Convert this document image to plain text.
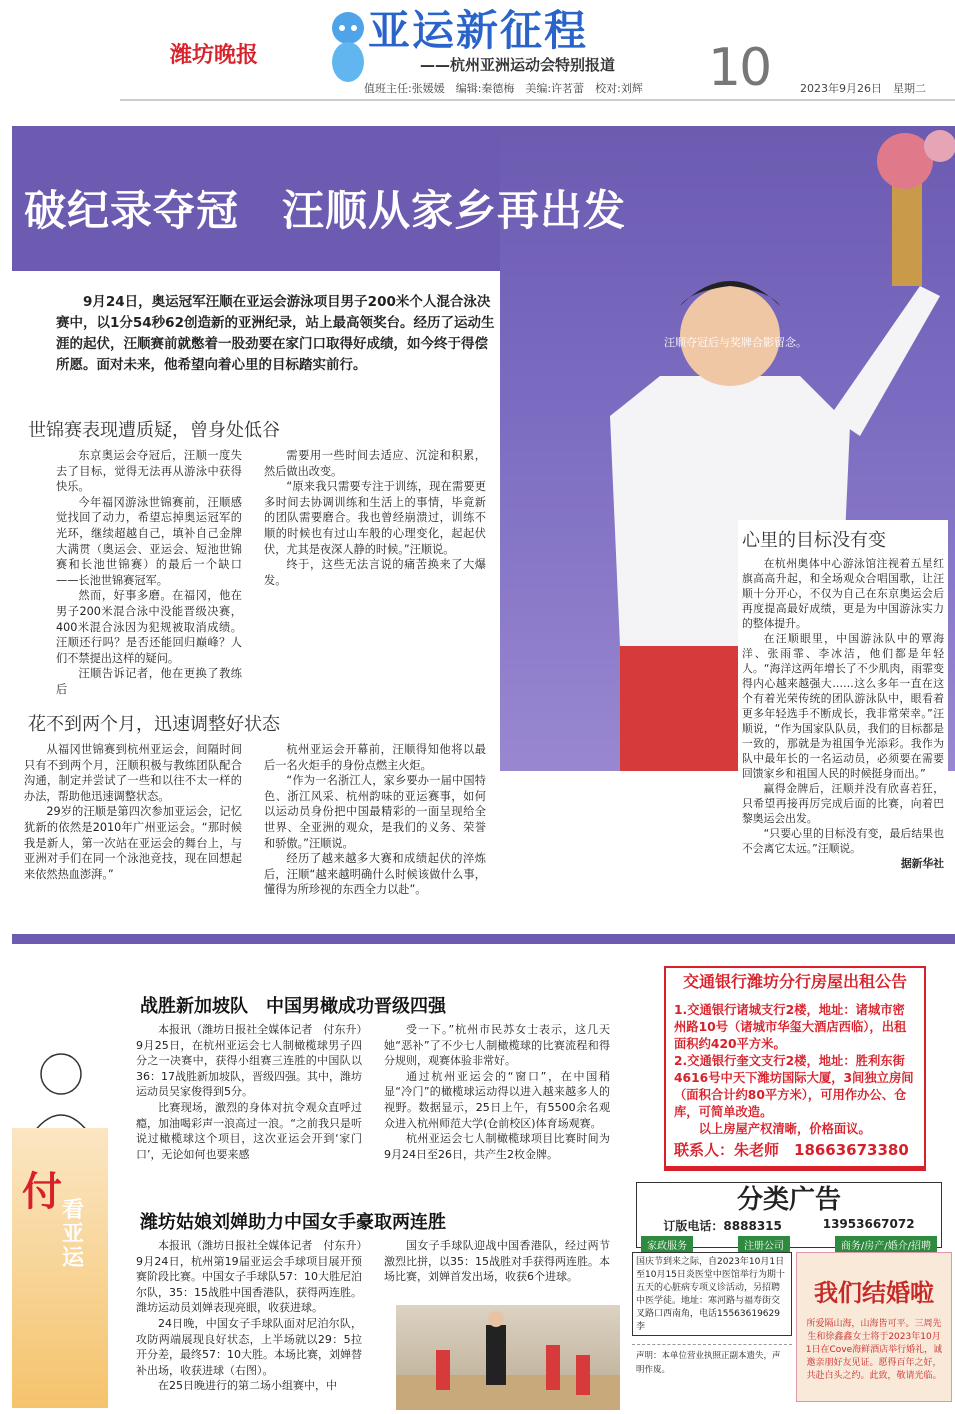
潍坊晚报	亚运新征程
——杭州亚洲运动会特别报道 10
值班主任:张媛媛　编辑:秦德梅　美编:许茗蕾　校对:刘辉	2023年9月26日　星期二
破纪录夺冠　汪顺从家乡再出发
9月24日，奥运冠军汪顺在亚运会游泳项目男子200米个人混合泳决赛中，以1分54秒62创造新的亚洲纪录，站上最高领奖台。经历了运动生涯的起伏，汪顺赛前就憋着一股劲要在家门口取得好成绩，如今终于得偿所愿。面对未来，他希望向着心里的目标踏实前行。
汪顺夺冠后与奖牌合影留念。
世锦赛表现遭质疑，曾身处低谷

东京奥运会夺冠后，汪顺一度失去了目标，觉得无法再从游泳中获得快乐。

今年福冈游泳世锦赛前，汪顺感觉找回了动力，希望忘掉奥运冠军的光环，继续超越自己，填补自己金牌大满贯（奥运会、亚运会、短池世锦赛和长池世锦赛）的最后一个缺口——长池世锦赛冠军。

然而，好事多磨。在福冈，他在男子200米混合泳中没能晋级决赛，400米混合泳因为犯规被取消成绩。汪顺还行吗？是否还能回归巅峰？人们不禁提出这样的疑问。

汪顺告诉记者，他在更换了教练后

需要用一些时间去适应、沉淀和积累，然后做出改变。

“原来我只需要专注于训练，现在需要更多时间去协调训练和生活上的事情，毕竟新的团队需要磨合。我也曾经崩溃过，训练不顺的时候也有过山车般的心理变化，起起伏伏，尤其是夜深人静的时候。”汪顺说。

终于，这些无法言说的痛苦换来了大爆发。

花不到两个月，迅速调整好状态

从福冈世锦赛到杭州亚运会，间隔时间只有不到两个月，汪顺积极与教练团队配合沟通，制定并尝试了一些和以往不太一样的办法，帮助他迅速调整状态。

29岁的汪顺是第四次参加亚运会，记忆犹新的依然是2010年广州亚运会。“那时候我是新人，第一次站在亚运会的舞台上，与亚洲对手们在同一个泳池竞技，现在回想起来依然热血澎湃。”

杭州亚运会开幕前，汪顺得知他将以最后一名火炬手的身份点燃主火炬。

“作为一名浙江人，家乡要办一届中国特色、浙江风采、杭州韵味的亚运赛事，如何以运动员身份把中国最精彩的一面呈现给全世界、全亚洲的观众，是我们的义务、荣誉和骄傲。”汪顺说。

经历了越来越多大赛和成绩起伏的淬炼后，汪顺“越来越明确什么时候该做什么事，懂得为所珍视的东西全力以赴”。

心里的目标没有变

在杭州奥体中心游泳馆注视着五星红旗高高升起，和全场观众合唱国歌，让汪顺十分开心，不仅为自己在东京奥运会后再度提高最好成绩，更是为中国游泳实力的整体提升。

在汪顺眼里，中国游泳队中的覃海洋、张雨霏、李冰洁，他们都是年轻人。“海洋这两年增长了不少肌肉，雨霏变得内心越来越强大……这么多年一直在这个有着光荣传统的团队游泳队中，眼看着更多年轻选手不断成长，我非常荣幸。”汪顺说，“作为国家队队员，我们的目标都是一致的，那就是为祖国争光添彩。我作为队中最年长的一名运动员，必须要在需要回馈家乡和祖国人民的时候挺身而出。”

赢得金牌后，汪顺并没有欣喜若狂，只希望再接再厉完成后面的比赛，向着巴黎奥运会出发。

“只要心里的目标没有变，最后结果也不会离它太远。”汪顺说。

据新华社
付 看亚运
战胜新加坡队　中国男橄成功晋级四强

本报讯（潍坊日报社全媒体记者　付东升）9月25日，在杭州亚运会七人制橄榄球男子四分之一决赛中，获得小组赛三连胜的中国队以36：17战胜新加坡队，晋级四强。其中，潍坊运动员吴家俊得到5分。

比赛现场，激烈的身体对抗令观众直呼过瘾，加油喝彩声一浪高过一浪。“之前我只是听说过橄榄球这个项目，这次亚运会开到‘家门口’，无论如何也要来感

受一下。”杭州市民苏女士表示，这几天她“恶补”了不少七人制橄榄球的比赛流程和得分规则，观赛体验非常好。

通过杭州亚运会的“窗口”，在中国稍显“冷门”的橄榄球运动得以进入越来越多人的视野。数据显示，25日上午，有5500余名观众进入杭州师范大学(仓前校区)体育场观赛。

杭州亚运会七人制橄榄球项目比赛时间为9月24日至26日，共产生2枚金牌。

潍坊姑娘刘婵助力中国女手豪取两连胜

本报讯（潍坊日报社全媒体记者　付东升）9月24日，杭州第19届亚运会手球项目展开预赛阶段比赛。中国女子手球队57：10大胜尼泊尔队，35：15战胜中国香港队，获得两连胜。潍坊运动员刘婵表现亮眼，收获进球。

24日晚，中国女子手球队面对尼泊尔队，攻防两端展现良好状态，上半场就以29：5拉开分差，最终57：10大胜。本场比赛，刘婵替补出场，收获进球（右图）。

在25日晚进行的第二场小组赛中，中

国女子手球队迎战中国香港队，经过两节激烈比拼，以35：15战胜对手获得两连胜。本场比赛，刘婵首发出场，收获6个进球。

交通银行潍坊分行房屋出租公告
1.交通银行诸城支行2楼，地址：诸城市密州路10号（诸城市华玺大酒店西临），出租面积约420平方米。
2.交通银行奎文支行2楼，地址：胜利东街4616号中天下潍坊国际大厦，3间独立房间（面积合计约80平方米），可用作办公、仓库，可简单改造。
以上房屋产权清晰，价格面议。
联系人：朱老师　18663673380
分类广告
订版电话：8888315	13953667072
家政服务	注册公司	商务/房产/婚介/招聘
国庆节到来之际，自2023年10月1日至10月15日炎医堂中医馆举行为期十五天的心脏病专项义诊活动，另招聘中医学徒。地址：寒河路与福寿街交叉路口西南角，电话15563619629李
声明：本单位营业执照正副本遗失，声明作废。
我们结婚啦
所爱隔山海，山海皆可平。三周先生和徐鑫鑫女士将于2023年10月1日在Cove海鲜酒店举行婚礼，诚邀亲朋好友见证。愿得百年之好，共赴白头之约。此致，敬请光临。
